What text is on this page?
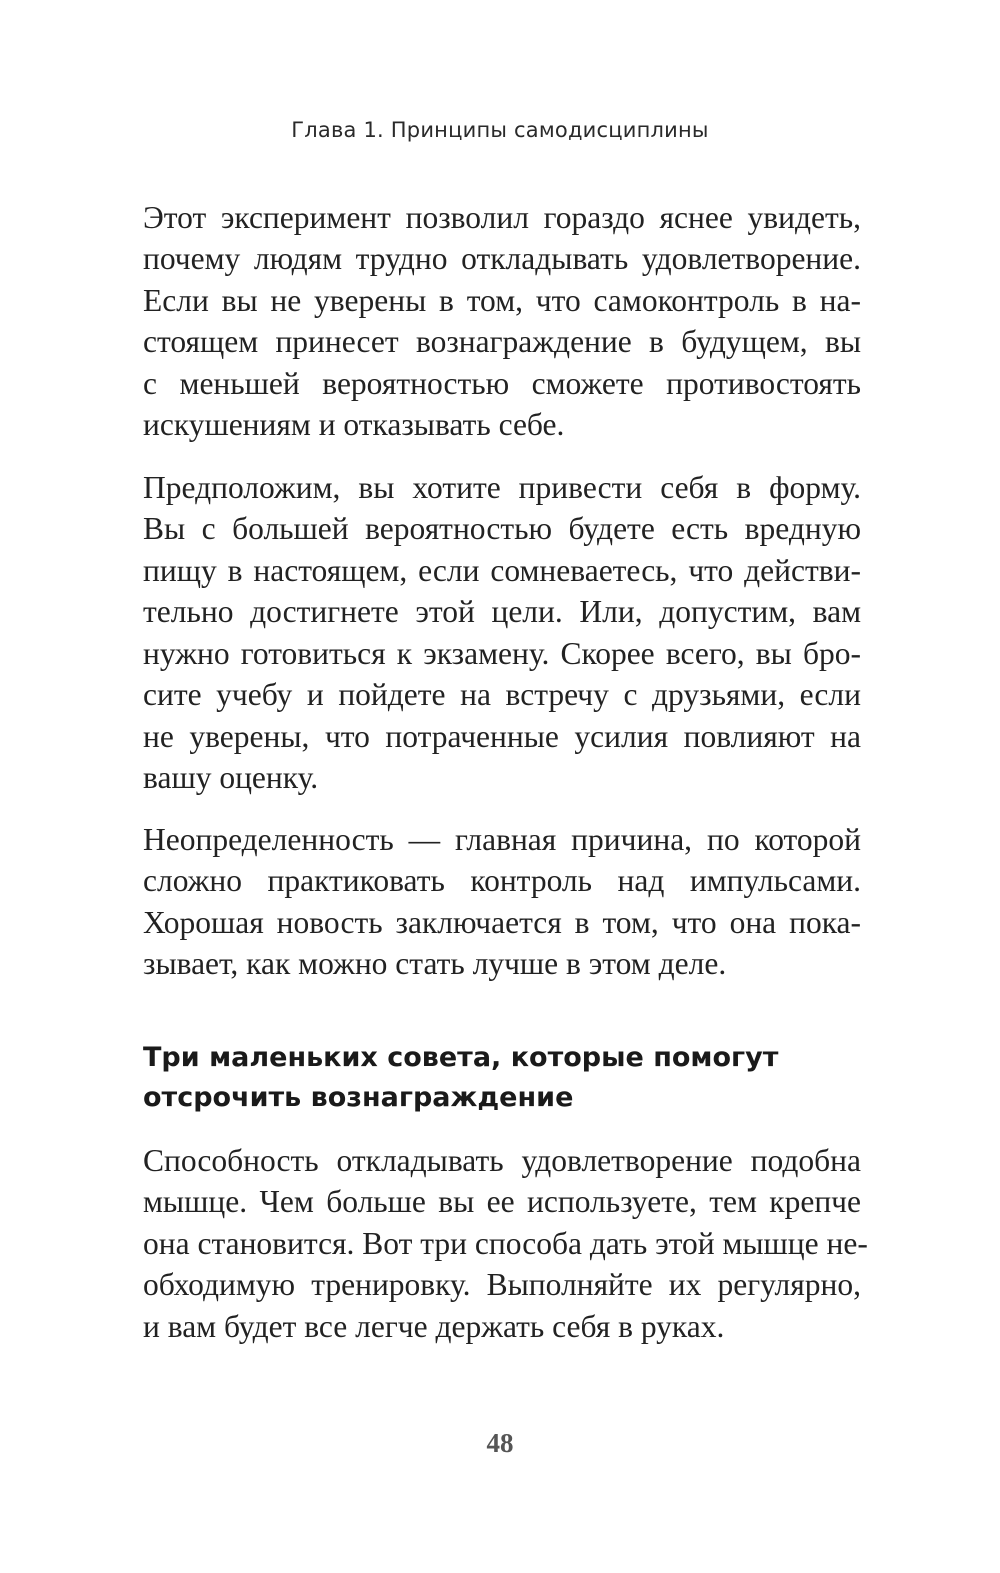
Глава 1. Принципы самодисциплины
Этот эксперимент позволил гораздо яснее увидеть,
почему людям трудно откладывать удовлетворение.
Если вы не уверены в том, что самоконтроль в на-
стоящем принесет вознаграждение в будущем, вы
с меньшей вероятностью сможете противостоять
искушениям и отказывать себе.
Предположим, вы хотите привести себя в форму.
Вы с большей вероятностью будете есть вредную
пищу в настоящем, если сомневаетесь, что действи-
тельно достигнете этой цели. Или, допустим, вам
нужно готовиться к экзамену. Скорее всего, вы бро-
сите учебу и пойдете на встречу с друзьями, если
не уверены, что потраченные усилия повлияют на
вашу оценку.
Неопределенность — главная причина, по которой
сложно практиковать контроль над импульсами.
Хорошая новость заключается в том, что она пока-
зывает, как можно стать лучше в этом деле.
Три маленьких совета, которые помогут
отсрочить вознаграждение
Способность откладывать удовлетворение подобна
мышце. Чем больше вы ее используете, тем крепче
она становится. Вот три способа дать этой мышце не-
обходимую тренировку. Выполняйте их регулярно,
и вам будет все легче держать себя в руках.
48
